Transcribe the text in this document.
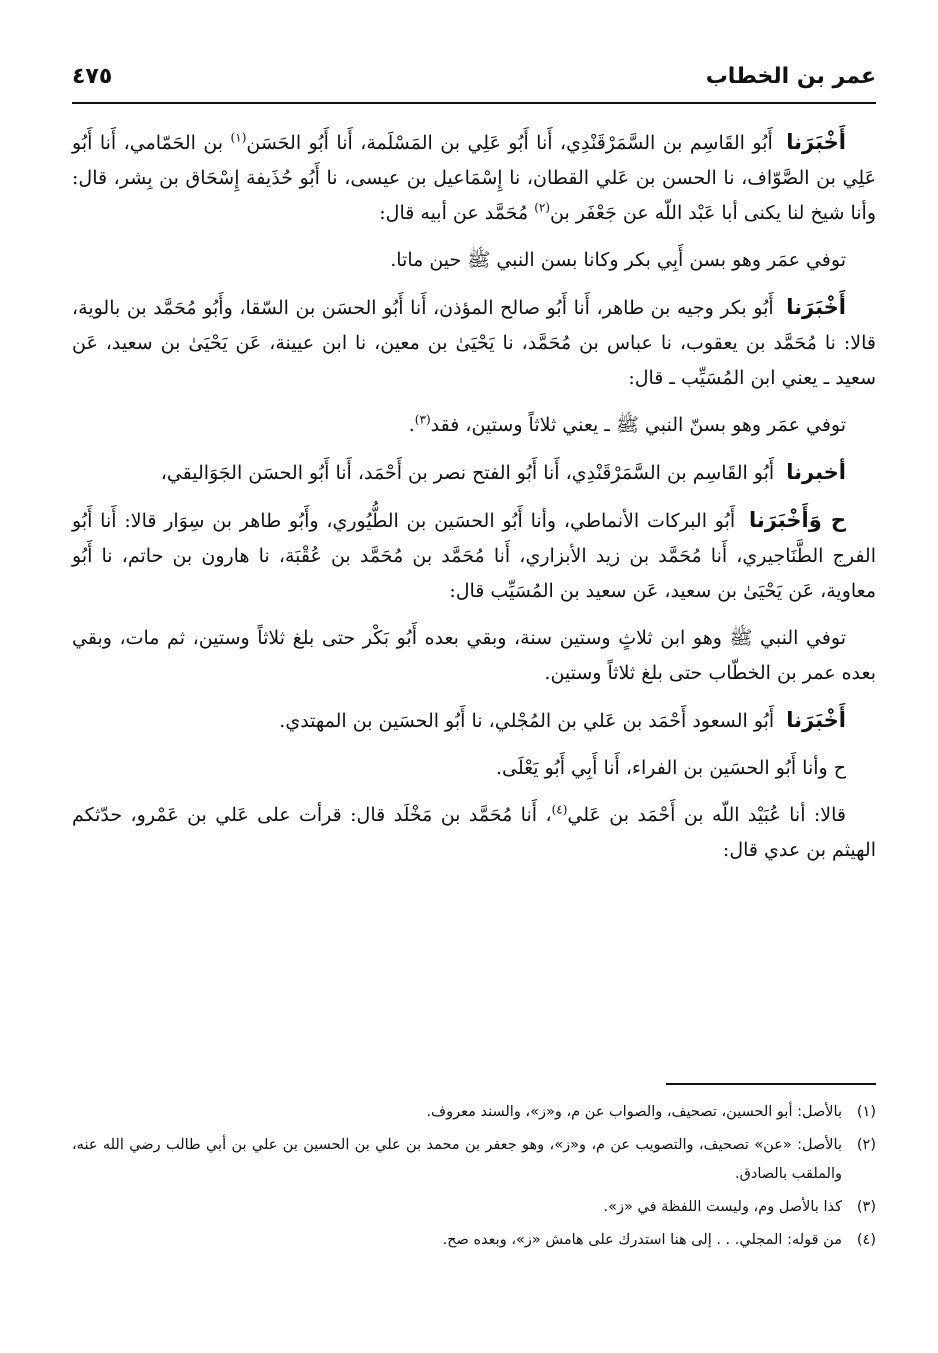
عمر بن الخطاب
٤٧٥

أَخْبَرَنا أَبُو القَاسِم بن السَّمَرْقَنْدِي، أَنا أَبُو عَلِي بن المَسْلَمة، أَنا أَبُو الحَسَن$^{(١)}$ بن الحَمّامي، أَنا أَبُو عَلِي بن الصَّوّاف، نا الحسن بن عَلي القطان، نا إِسْمَاعيل بن عيسى، نا أَبُو حُذَيفة إِسْحَاق بن بِشر، قال: وأنا شيخ لنا يكنى أبا عَبْد اللّه عن جَعْفَر بن$^{(٢)}$ مُحَمَّد عن أبيه قال:

توفي عمَر وهو بسن أَبِي بكر وكانا بسن النبي ﷺ حين ماتا.

أَخْبَرَنا أَبُو بكر وجيه بن طاهر، أَنا أَبُو صالح المؤذن، أَنا أَبُو الحسَن بن السّقا، وأَبُو مُحَمَّد بن بالوية، قالا: نا مُحَمَّد بن يعقوب، نا عباس بن مُحَمَّد، نا يَحْيَىٰ بن معين، نا ابن عيينة، عَن يَحْيَىٰ بن سعيد، عَن سعيد ـ يعني ابن المُسَيِّب ـ قال:

توفي عمَر وهو بسنّ النبي ﷺ ـ يعني ثلاثاً وستين، فقد$^{(٣)}$.

أخبرنا أَبُو القَاسِم بن السَّمَرْقَنْدِي، أَنا أَبُو الفتح نصر بن أَحْمَد، أَنا أَبُو الحسَن الجَوَاليقي،

ح وَأَخْبَرَنا أَبُو البركات الأنماطي، وأنا أَبُو الحسَين بن الطُّيُوري، وأَبُو طاهر بن سِوَار قالا: أَنا أَبُو الفرج الطَّنَاجيري، أَنا مُحَمَّد بن زيد الأبزاري، أَنا مُحَمَّد بن مُحَمَّد بن عُقْبَة، نا هارون بن حاتم، نا أَبُو معاوية، عَن يَحْيَىٰ بن سعيد، عَن سعيد بن المُسَيِّب قال:

توفي النبي ﷺ وهو ابن ثلاثٍ وستين سنة، وبقي بعده أَبُو بَكْر حتى بلغ ثلاثاً وستين، ثم مات، وبقي بعده عمر بن الخطّاب حتى بلغ ثلاثاً وستين.

أَخْبَرَنا أَبُو السعود أَحْمَد بن عَلي بن المُجْلي، نا أَبُو الحسَين بن المهتدي.

ح وأنا أَبُو الحسَين بن الفراء، أَنا أَبِي أَبُو يَعْلَى.

قالا: أنا عُبَيْد اللّه بن أَحْمَد بن عَلي$^{(٤)}$، أَنا مُحَمَّد بن مَخْلَد قال: قرأت على عَلي بن عَمْرو، حدّثكم الهيثم بن عدي قال:

(١)
بالأصل: أبو الحسين، تصحيف، والصواب عن م، و«ز»، والسند معروف.
(٢)
بالأصل: «عن» تصحيف، والتصويب عن م، و«ز»، وهو جعفر بن محمد بن علي بن الحسين بن علي بن أبي طالب رضي الله عنه، والملقب بالصادق.
(٣)
كذا بالأصل وم، وليست اللفظة في «ز».
(٤)
من قوله: المجلي. . . إلى هنا استدرك على هامش «ز»، وبعده صح.
